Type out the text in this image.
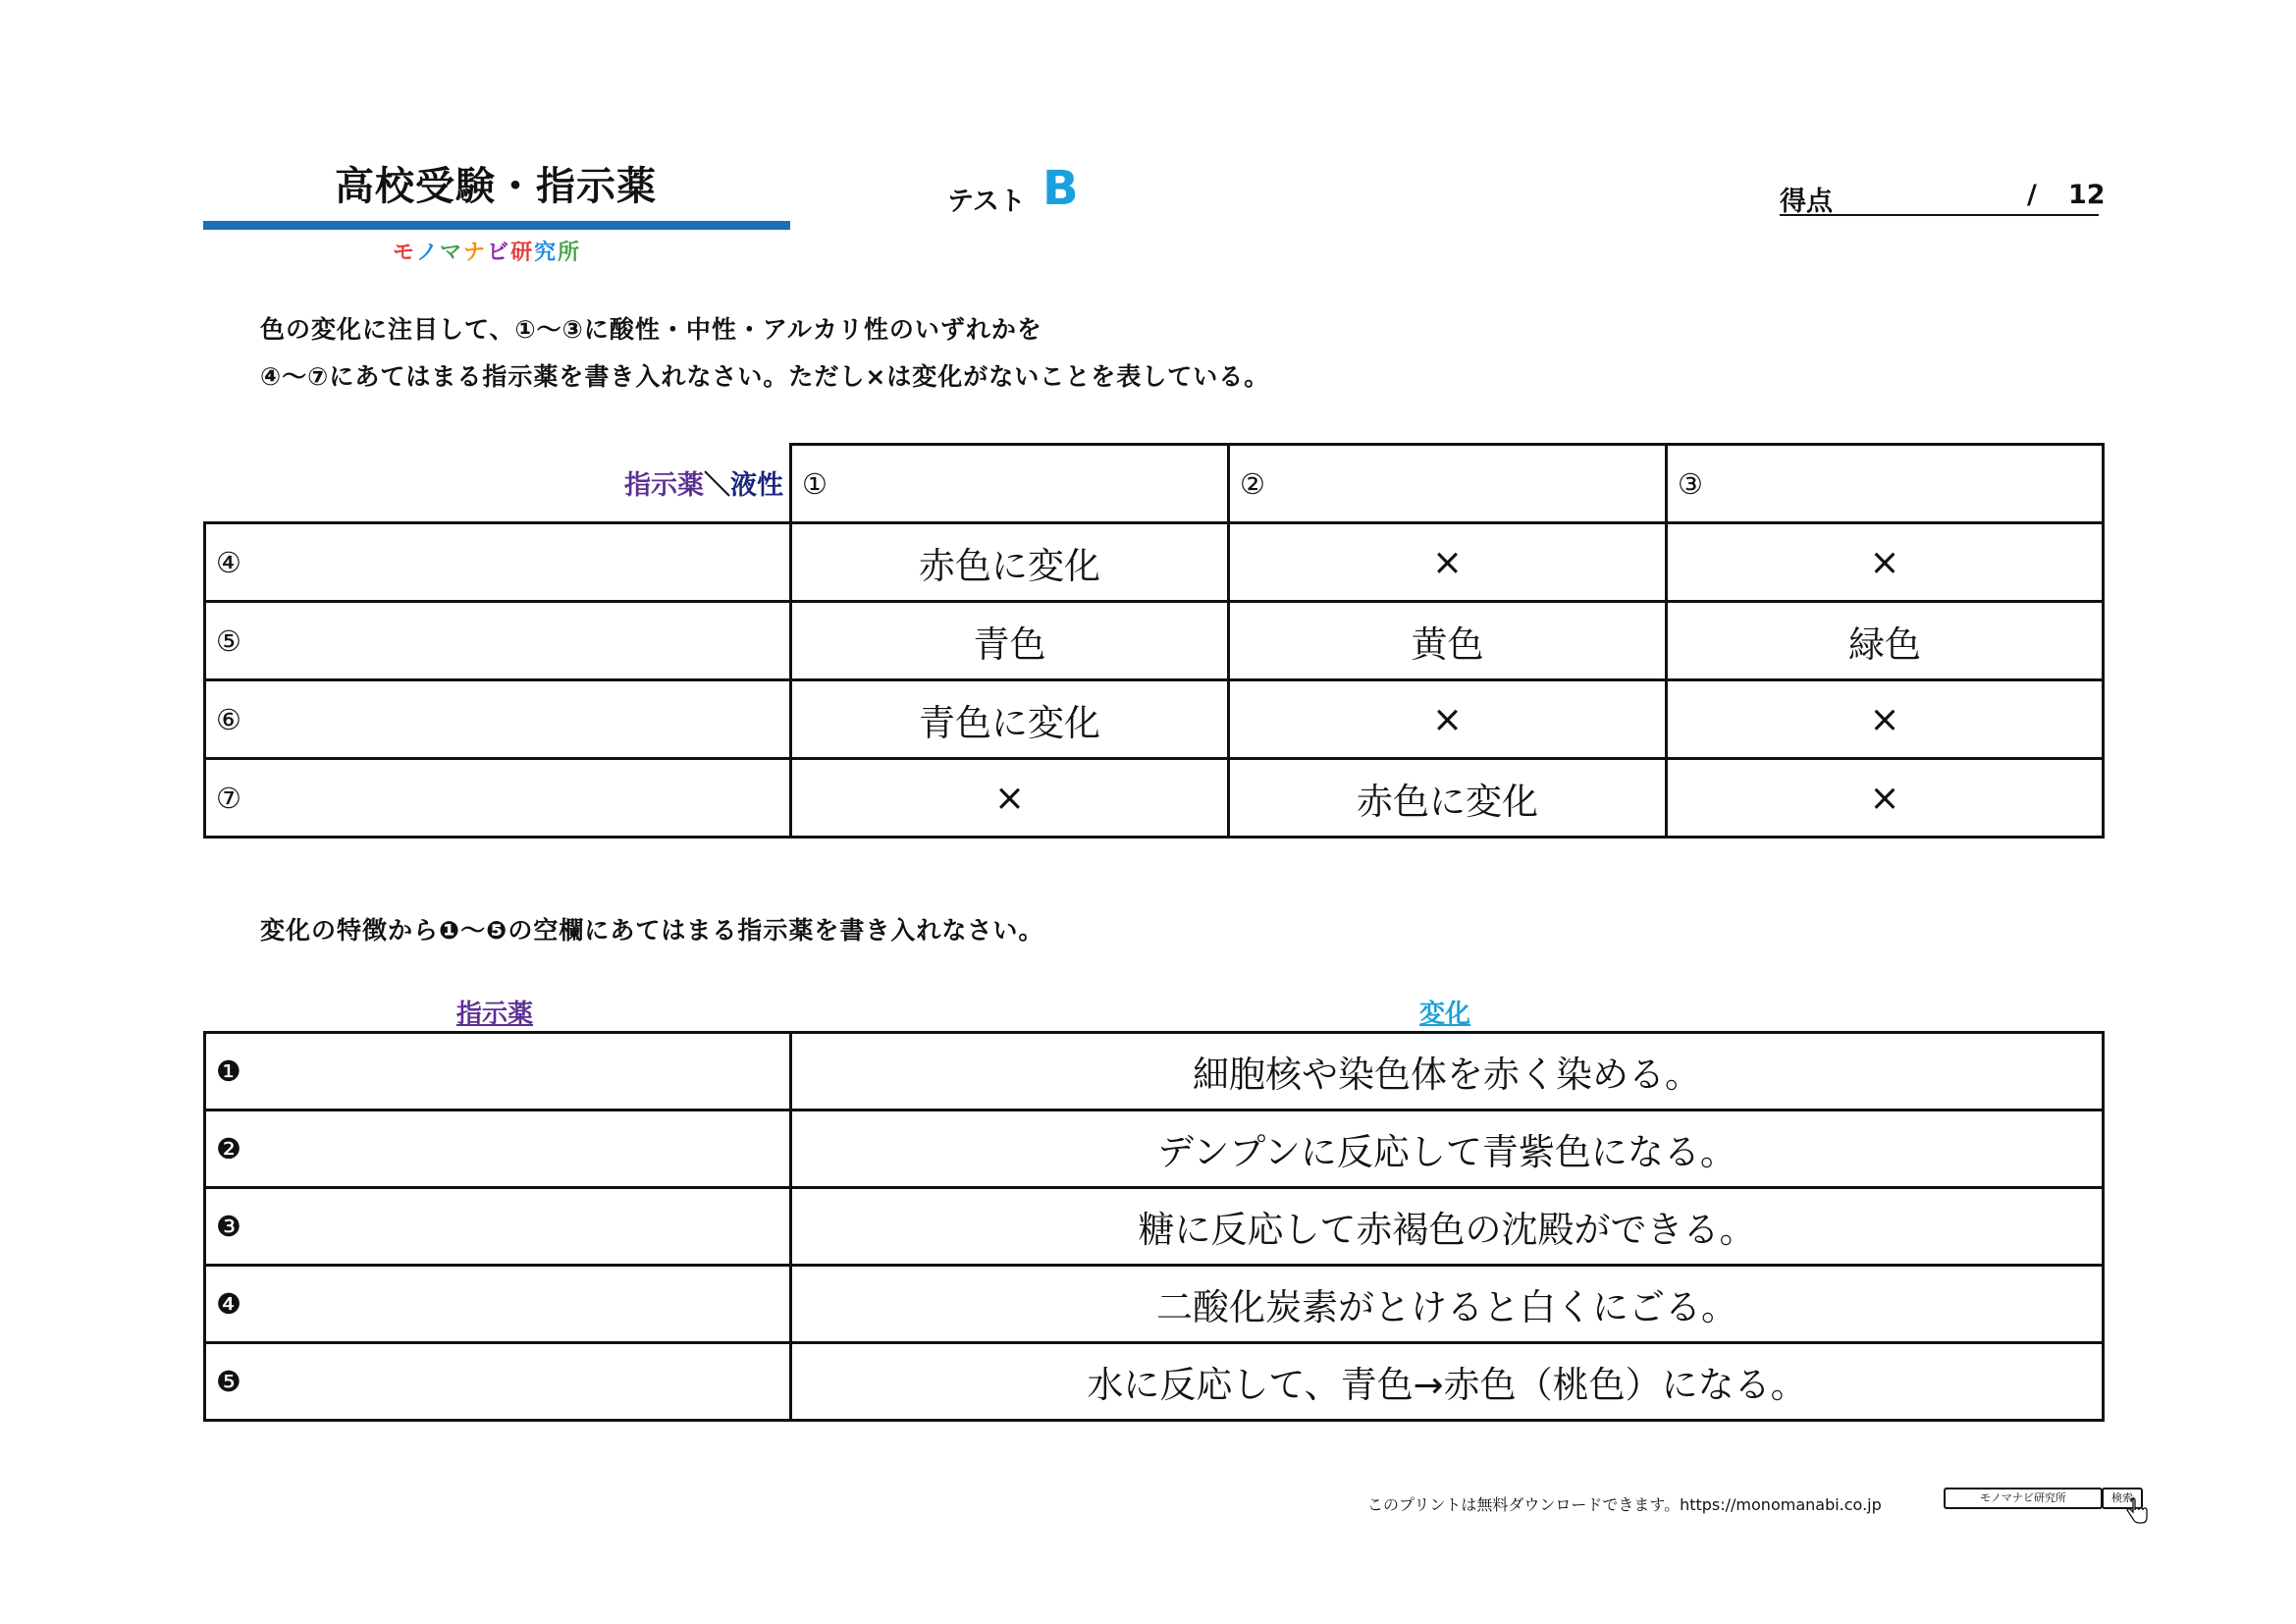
高校受験・指示薬
モノマナビ研究所
テスト B	得点	/ 12
色の変化に注目して、①～③に酸性・中性・アルカリ性のいずれかを
④～⑦にあてはまる指示薬を書き入れなさい。ただし×は変化がないことを表している。
指示薬＼液性	①	②	③
④	赤色に変化	×	×
⑤	青色	黄色	緑色
⑥	青色に変化	×	×
⑦	×	赤色に変化	×
変化の特徴から❶～❺の空欄にあてはまる指示薬を書き入れなさい。
指示薬	変化
❶	細胞核や染色体を赤く染める。
❷	デンプンに反応して青紫色になる。
❸	糖に反応して赤褐色の沈殿ができる。
❹	二酸化炭素がとけると白くにごる。
❺	水に反応して、青色→赤色（桃色）になる。
このプリントは無料ダウンロードできます。https://monomanabi.co.jp	モノマナビ研究所	検索
